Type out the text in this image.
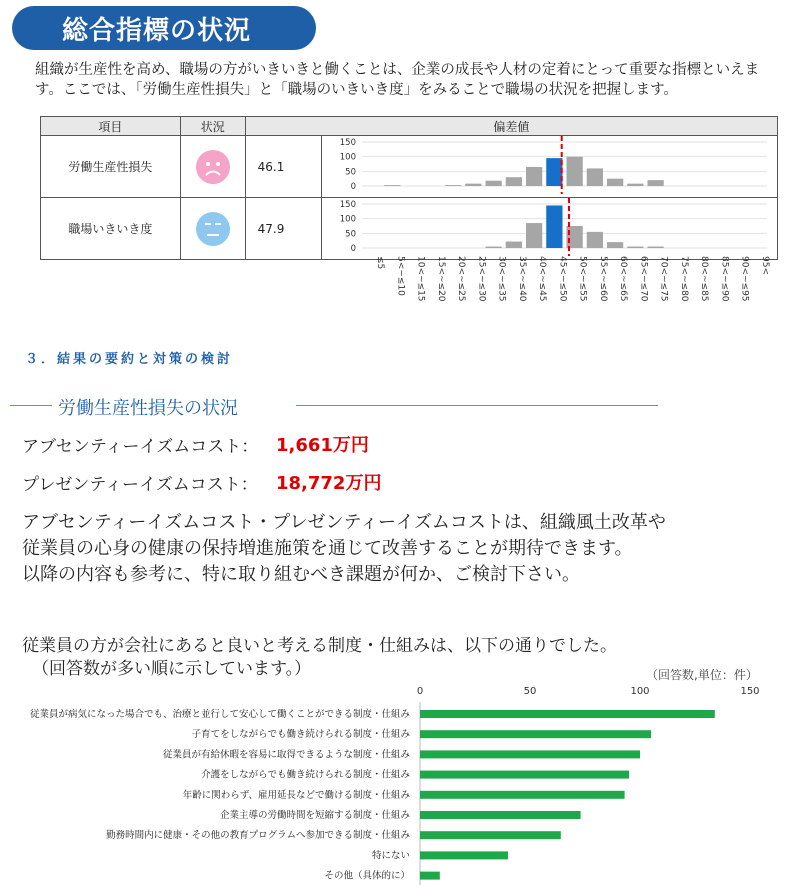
総合指標の状況
組織が生産性を高め、職場の方がいきいきと働くことは、企業の成長や人材の定着にとって重要な指標といえます。ここでは、「労働生産性損失」と「職場のいきいき度」をみることで職場の状況を把握します。
項目	状況	偏差値	
労働生産性損失		46.1	0
50
100
150

職場いきいき度		47.9	0
50
100
150
≤5 5<~≤10 10<~≤15 15<~≤20 20<~≤25 25<~≤30 30<~≤35 35<~≤40 40<~≤45 45<~≤50 50<~≤55 55<~≤60 60<~≤65 65<~≤70 70<~≤75 75<~≤80 80<~≤85 85<~≤90 90<~≤95 95<
３．結果の要約と対策の検討
労働生産性損失の状況
アブセンティーイズムコスト： 1,661万円
プレゼンティーイズムコスト： 18,772万円
アブセンティーイズムコスト・プレゼンティーイズムコストは、組織風土改革や
従業員の心身の健康の保持増進施策を通じて改善することが期待できます。
以降の内容も参考に、特に取り組むべき課題が何か、ご検討下さい。
従業員の方が会社にあると良いと考える制度・仕組みは、以下の通りでした。
（回答数が多い順に示しています。）	（回答数,単位：件）
0	50	100	150
従業員が病気になった場合でも、治療と並行して安心して働くことができる制度・仕組み
子育てをしながらでも働き続けられる制度・仕組み
従業員が有給休暇を容易に取得できるような制度・仕組み
介護をしながらでも働き続けられる制度・仕組み
年齢に関わらず、雇用延長などで働ける制度・仕組み
企業主導の労働時間を短縮する制度・仕組み
勤務時間内に健康・その他の教育プログラムへ参加できる制度・仕組み
特にない
その他（具体的に）
